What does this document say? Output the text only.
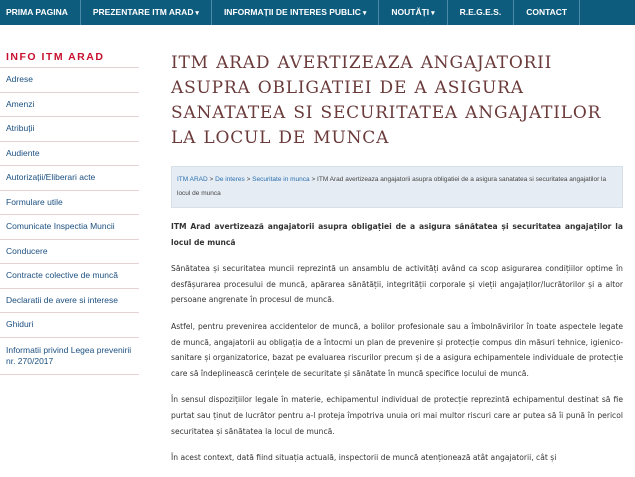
PRIMA PAGINA	PREZENTARE ITM ARAD ▾	INFORMAȚII DE INTERES PUBLIC ▾	NOUTĂȚI ▾	R.E.G.E.S.	CONTACT
INFO ITM ARAD
Adrese
Amenzi
Atribuții
Audiente
Autorizații/Eliberari acte
Formulare utile
Comunicate Inspectia Muncii
Conducere
Contracte colective de muncă
Declaratii de avere si interese
Ghiduri
Informatii privind Legea prevenirii nr. 270/2017
ITM ARAD AVERTIZEAZA ANGAJATORII ASUPRA OBLIGATIEI DE A ASIGURA SANATATEA SI SECURITATEA ANGAJATILOR LA LOCUL DE MUNCA
ITM ARAD > De interes > Securitate in munca > ITM Arad avertizeaza angajatorii asupra obligatiei de a asigura sanatatea si securitatea angajatilor la locul de munca

ITM Arad avertizează angajatorii asupra obligației de a asigura sănătatea și securitatea angajaților la locul de muncă

Sănătatea și securitatea muncii reprezintă un ansamblu de activități având ca scop asigurarea condițiilor optime în desfășurarea procesului de muncă, apărarea sănătății, integrității corporale și vieții angajaților/lucrătorilor și a altor persoane angrenate în procesul de muncă.

Astfel, pentru prevenirea accidentelor de muncă, a bolilor profesionale sau a îmbolnăvirilor în toate aspectele legate de muncă, angajatorii au obligația de a întocmi un plan de prevenire și protecție compus din măsuri tehnice, igienico-sanitare și organizatorice, bazat pe evaluarea riscurilor precum și de a asigura echipamentele individuale de protecție care să îndeplinească cerințele de securitate și sănătate în muncă specifice locului de muncă.

În sensul dispozițiilor legale în materie, echipamentul individual de protecție reprezintă echipamentul destinat să fie purtat sau ținut de lucrător pentru a-l proteja împotriva unuia ori mai multor riscuri care ar putea să îi pună în pericol securitatea și sănătatea la locul de muncă.

În acest context, dată fiind situația actuală, inspectorii de muncă atenționează atât angajatorii, cât și
